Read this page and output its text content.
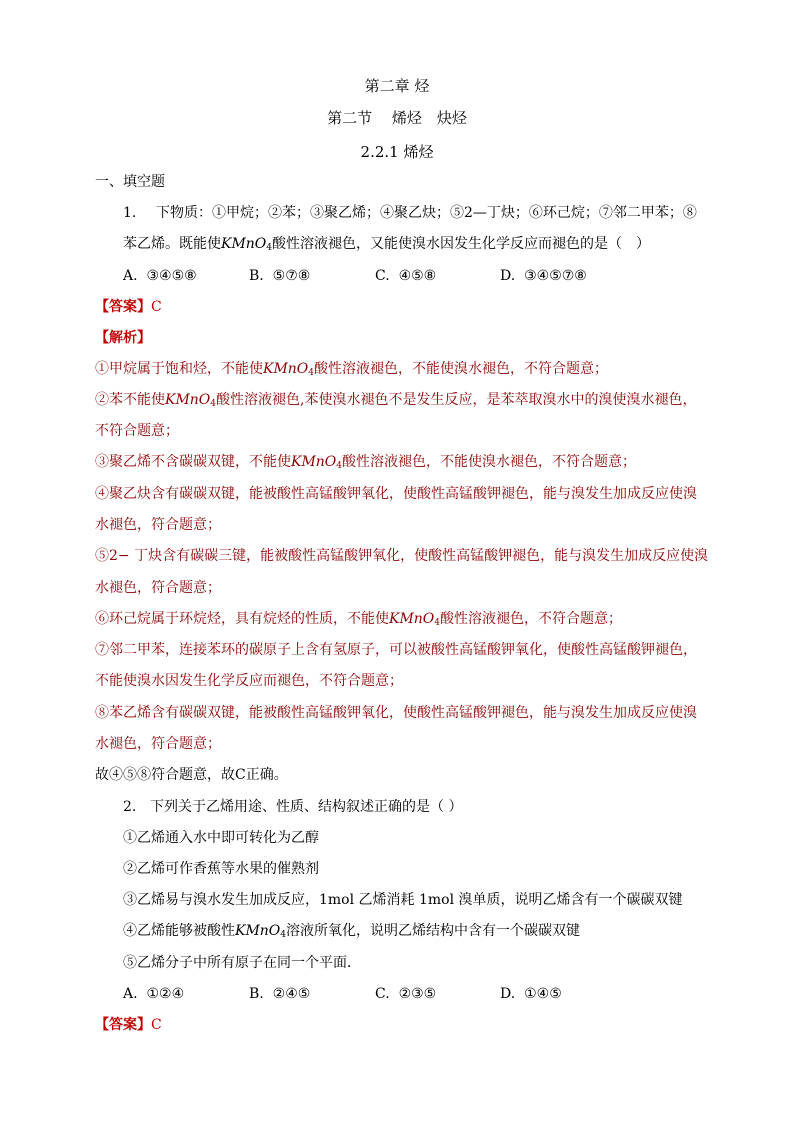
第二章 烃
第二节　 烯烃　炔烃
2.2.1 烯烃
一、填空题
1. 下物质：①甲烷；②苯；③聚乙烯；④聚乙炔；⑤2—丁炔；⑥环己烷；⑦邻二甲苯；⑧
苯乙烯。既能使KMnO$_4$酸性溶液褪色，又能使溴水因发生化学反应而褪色的是（　）
A. ③④⑤⑧	B. ⑤⑦⑧	C. ④⑤⑧	D. ③④⑤⑦⑧
【答案】C
【解析】
①甲烷属于饱和烃，不能使KMnO$_4$酸性溶液褪色，不能使溴水褪色，不符合题意；
②苯不能使KMnO$_4$酸性溶液褪色,苯使溴水褪色不是发生反应，是苯萃取溴水中的溴使溴水褪色，
不符合题意；
③聚乙烯不含碳碳双键，不能使KMnO$_4$酸性溶液褪色，不能使溴水褪色，不符合题意；
④聚乙炔含有碳碳双键，能被酸性高锰酸钾氧化，使酸性高锰酸钾褪色，能与溴发生加成反应使溴
水褪色，符合题意；
⑤2− 丁炔含有碳碳三键，能被酸性高锰酸钾氧化，使酸性高锰酸钾褪色，能与溴发生加成反应使溴
水褪色，符合题意；
⑥环己烷属于环烷烃，具有烷烃的性质，不能使KMnO$_4$酸性溶液褪色，不符合题意；
⑦邻二甲苯，连接苯环的碳原子上含有氢原子，可以被酸性高锰酸钾氧化，使酸性高锰酸钾褪色，
不能使溴水因发生化学反应而褪色，不符合题意；
⑧苯乙烯含有碳碳双键，能被酸性高锰酸钾氧化，使酸性高锰酸钾褪色，能与溴发生加成反应使溴
水褪色，符合题意；
故④⑤⑧符合题意，故C正确。
2. 下列关于乙烯用途、性质、结构叙述正确的是（ ）
①乙烯通入水中即可转化为乙醇
②乙烯可作香蕉等水果的催熟剂
③乙烯易与溴水发生加成反应，1mol 乙烯消耗 1mol 溴单质，说明乙烯含有一个碳碳双键
④乙烯能够被酸性KMnO$_4$溶液所氧化，说明乙烯结构中含有一个碳碳双键
⑤乙烯分子中所有原子在同一个平面．
A. ①②④	B. ②④⑤	C. ②③⑤	D. ①④⑤
【答案】C
